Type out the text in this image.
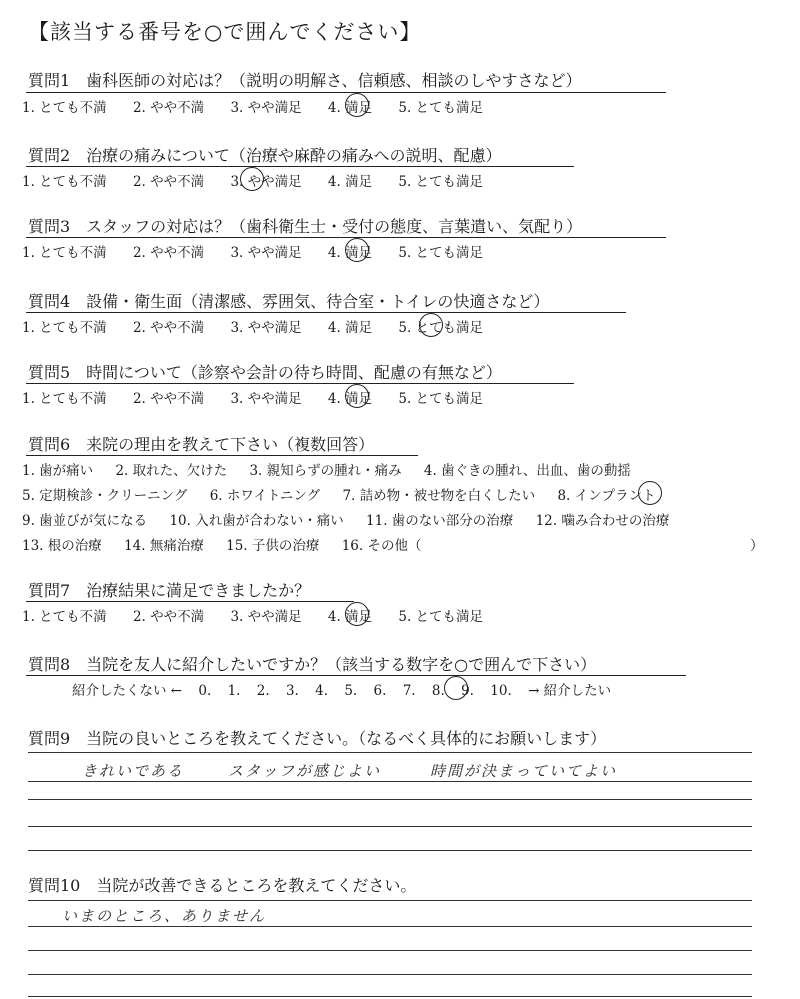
【該当する番号を○で囲んでください】
質問1　歯科医師の対応は？（説明の明解さ、信頼感、相談のしやすさなど）
1. とても不満 2. やや不満 3. やや満足 4. 満足 5. とても満足
質問2　治療の痛みについて（治療や麻酔の痛みへの説明、配慮）
1. とても不満 2. やや不満 3. やや満足 4. 満足 5. とても満足
質問3　スタッフの対応は？（歯科衛生士・受付の態度、言葉遣い、気配り）
1. とても不満 2. やや不満 3. やや満足 4. 満足 5. とても満足
質問4　設備・衛生面（清潔感、雰囲気、待合室・トイレの快適さなど）
1. とても不満 2. やや不満 3. やや満足 4. 満足 5. とても満足
質問5　時間について（診察や会計の待ち時間、配慮の有無など）
1. とても不満 2. やや不満 3. やや満足 4. 満足 5. とても満足
質問6　来院の理由を教えて下さい（複数回答）
1. 歯が痛い 2. 取れた、欠けた 3. 親知らずの腫れ・痛み 4. 歯ぐきの腫れ、出血、歯の動揺
5. 定期検診・クリーニング 6. ホワイトニング 7. 詰め物・被せ物を白くしたい 8. インプラント
9. 歯並びが気になる 10. 入れ歯が合わない・痛い 11. 歯のない部分の治療 12. 噛み合わせの治療
13. 根の治療 14. 無痛治療 15. 子供の治療 16. その他（	）
質問7　治療結果に満足できましたか？
1. とても不満 2. やや不満 3. やや満足 4. 満足 5. とても満足
質問8　当院を友人に紹介したいですか？（該当する数字を○で囲んで下さい）
紹介したくない ← 0. 1. 2. 3. 4. 5. 6. 7. 8. 9. 10. → 紹介したい
質問9　当院の良いところを教えてください。（なるべく具体的にお願いします）
きれいである	スタッフが感じよい	時間が決まっていてよい
質問10　当院が改善できるところを教えてください。
いまのところ、ありません
